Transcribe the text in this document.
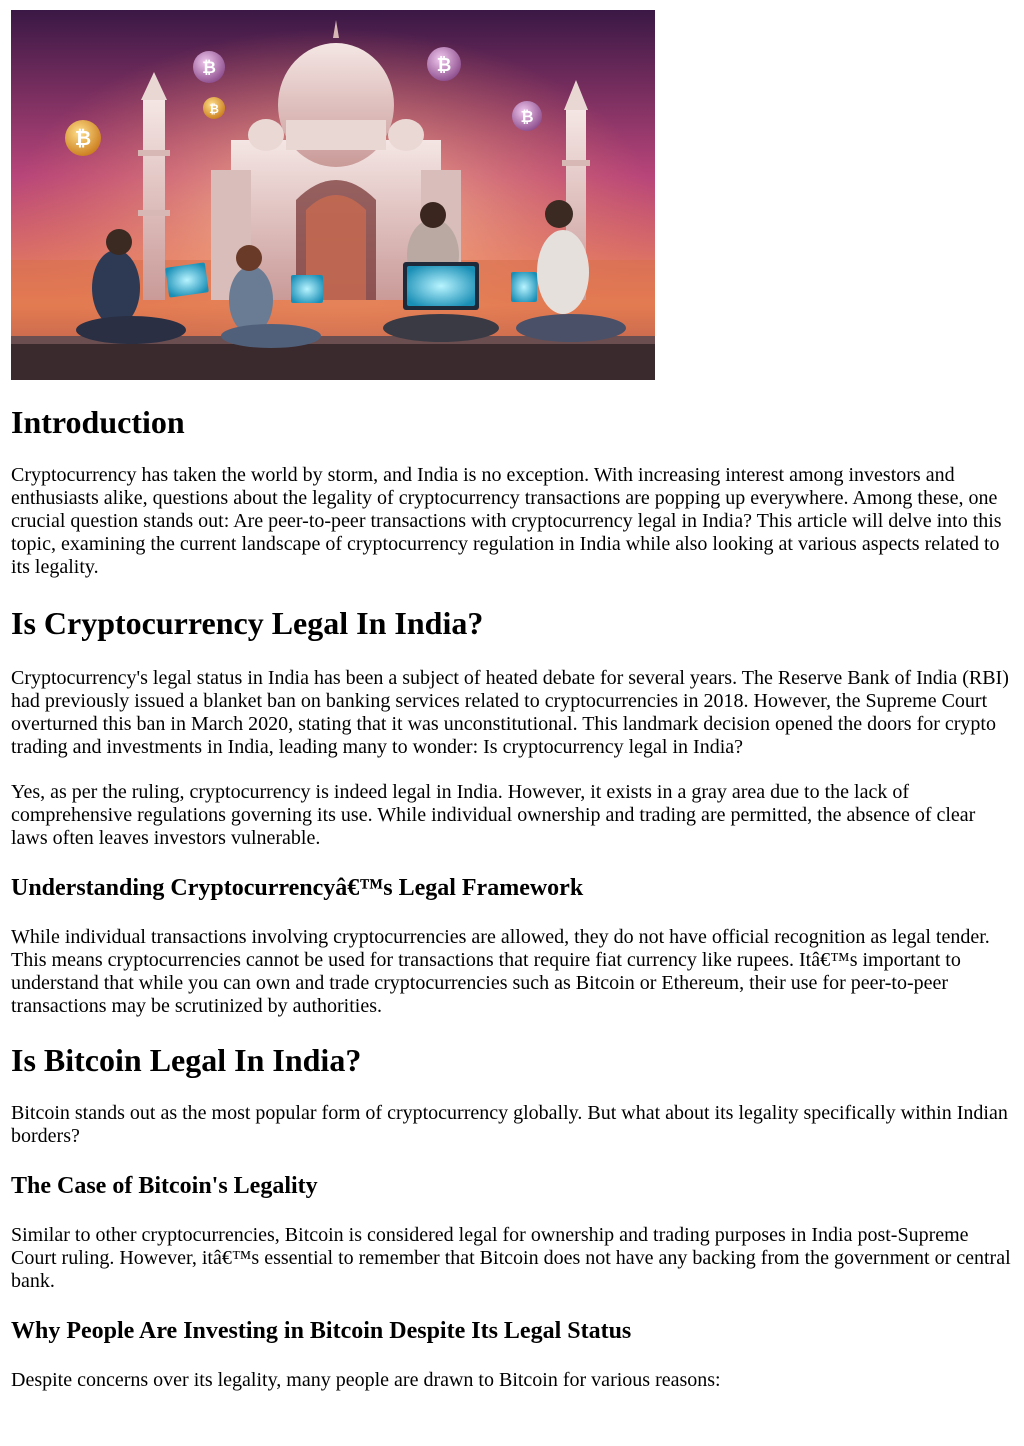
₿
₿
₿
₿
₿
Introduction

Cryptocurrency has taken the world by storm, and India is no exception. With increasing interest among investors and enthusiasts alike, questions about the legality of cryptocurrency transactions are popping up everywhere. Among these, one crucial question stands out: Are peer-to-peer transactions with cryptocurrency legal in India? This article will delve into this topic, examining the current landscape of cryptocurrency regulation in India while also looking at various aspects related to its legality.

Is Cryptocurrency Legal In India?

Cryptocurrency's legal status in India has been a subject of heated debate for several years. The Reserve Bank of India (RBI) had previously issued a blanket ban on banking services related to cryptocurrencies in 2018. However, the Supreme Court overturned this ban in March 2020, stating that it was unconstitutional. This landmark decision opened the doors for crypto trading and investments in India, leading many to wonder: Is cryptocurrency legal in India?

Yes, as per the ruling, cryptocurrency is indeed legal in India. However, it exists in a gray area due to the lack of comprehensive regulations governing its use. While individual ownership and trading are permitted, the absence of clear laws often leaves investors vulnerable.

Understanding Cryptocurrencyâ€™s Legal Framework

While individual transactions involving cryptocurrencies are allowed, they do not have official recognition as legal tender. This means cryptocurrencies cannot be used for transactions that require fiat currency like rupees. Itâ€™s important to understand that while you can own and trade cryptocurrencies such as Bitcoin or Ethereum, their use for peer-to-peer transactions may be scrutinized by authorities.

Is Bitcoin Legal In India?

Bitcoin stands out as the most popular form of cryptocurrency globally. But what about its legality specifically within Indian borders?

The Case of Bitcoin's Legality

Similar to other cryptocurrencies, Bitcoin is considered legal for ownership and trading purposes in India post-Supreme Court ruling. However, itâ€™s essential to remember that Bitcoin does not have any backing from the government or central bank.

Why People Are Investing in Bitcoin Despite Its Legal Status

Despite concerns over its legality, many people are drawn to Bitcoin for various reasons:
